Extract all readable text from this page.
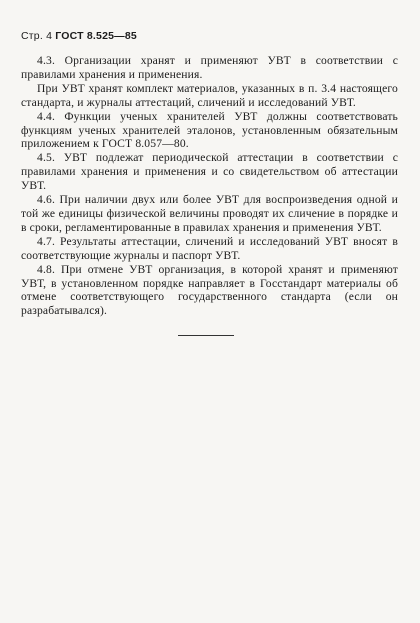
Стр. 4 ГОСТ 8.525—85

4.3. Организации хранят и применяют УВТ в соответствии с правилами хранения и применения.

При УВТ хранят комплект материалов, указанных в п. 3.4 настоящего стандарта, и журналы аттестаций, сличений и исследований УВТ.

4.4. Функции ученых хранителей УВТ должны соответствовать функциям ученых хранителей эталонов, установленным обязательным приложением к ГОСТ 8.057—80.

4.5. УВТ подлежат периодической аттестации в соответствии с правилами хранения и применения и со свидетельством об аттестации УВТ.

4.6. При наличии двух или более УВТ для воспроизведения одной и той же единицы физической величины проводят их сличение в порядке и в сроки, регламентированные в правилах хранения и применения УВТ.

4.7. Результаты аттестации, сличений и исследований УВТ вносят в соответствующие журналы и паспорт УВТ.

4.8. При отмене УВТ организация, в которой хранят и применяют УВТ, в установленном порядке направляет в Госстандарт материалы об отмене соответствующего государственного стандарта (если он разрабатывался).
